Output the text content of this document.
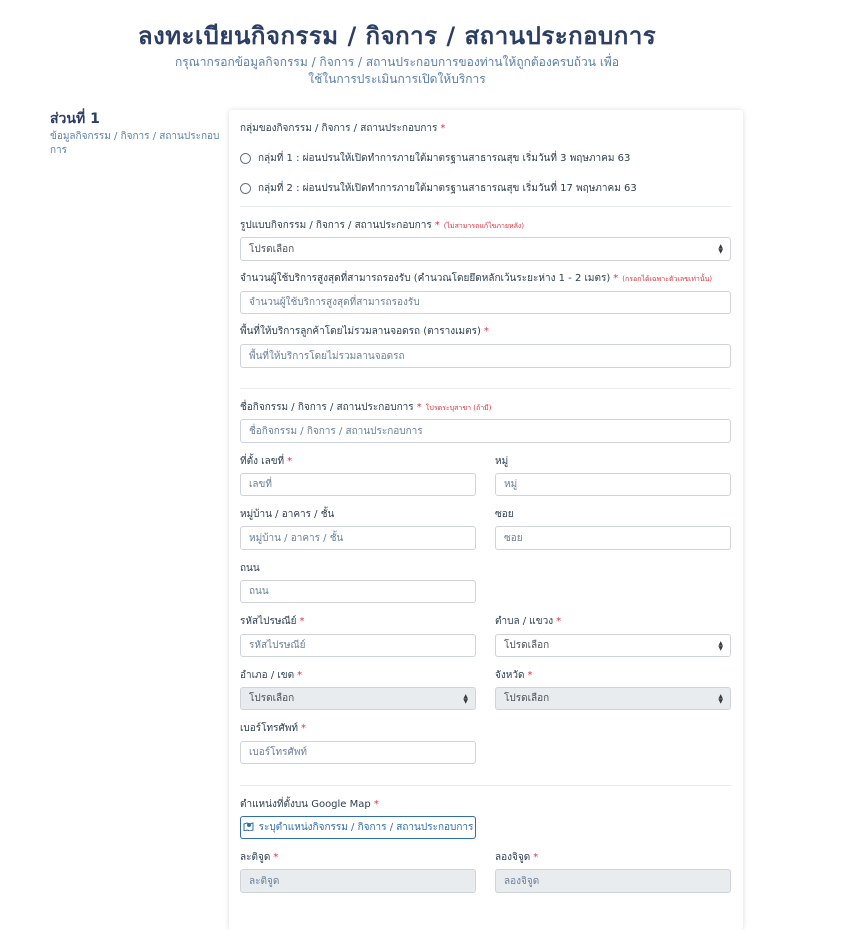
ลงทะเบียนกิจกรรม / กิจการ / สถานประกอบการ
กรุณากรอกข้อมูลกิจกรรม / กิจการ / สถานประกอบการของท่านให้ถูกต้องครบถ้วน เพื่อใช้ในการประเมินการเปิดให้บริการ
ส่วนที่ 1
ข้อมูลกิจกรรม / กิจการ / สถานประกอบการ
กลุ่มของกิจกรรม / กิจการ / สถานประกอบการ *
กลุ่มที่ 1 : ผ่อนปรนให้เปิดทำการภายใต้มาตรฐานสาธารณสุข เริ่มวันที่ 3 พฤษภาคม 63
กลุ่มที่ 2 : ผ่อนปรนให้เปิดทำการภายใต้มาตรฐานสาธารณสุข เริ่มวันที่ 17 พฤษภาคม 63
รูปแบบกิจกรรม / กิจการ / สถานประกอบการ * (ไม่สามารถแก้ไขภายหลัง)
โปรดเลือก	▲
▼
จำนวนผู้ใช้บริการสูงสุดที่สามารถรองรับ (คำนวณโดยยึดหลักเว้นระยะห่าง 1 - 2 เมตร) * (กรอกได้เฉพาะตัวเลขเท่านั้น)
จำนวนผู้ใช้บริการสูงสุดที่สามารถรองรับ
พื้นที่ให้บริการลูกค้าโดยไม่รวมลานจอดรถ (ตารางเมตร) *
พื้นที่ให้บริการโดยไม่รวมลานจอดรถ
ชื่อกิจกรรม / กิจการ / สถานประกอบการ * โปรดระบุสาขา (ถ้ามี)
ชื่อกิจกรรม / กิจการ / สถานประกอบการ
ที่ตั้ง เลขที่ *
เลขที่
หมู่
หมู่
หมู่บ้าน / อาคาร / ชั้น
หมู่บ้าน / อาคาร / ชั้น
ซอย
ซอย
ถนน
ถนน
รหัสไปรษณีย์ *
รหัสไปรษณีย์
ตำบล / แขวง *
โปรดเลือก	▲
▼
อำเภอ / เขต *
โปรดเลือก	▲
▼
จังหวัด *
โปรดเลือก	▲
▼
เบอร์โทรศัพท์ *
เบอร์โทรศัพท์
ตำแหน่งที่ตั้งบน Google Map *
ระบุตำแหน่งกิจกรรม / กิจการ / สถานประกอบการ
ละติจูด *
ละติจูด
ลองจิจูด *
ลองจิจูด
